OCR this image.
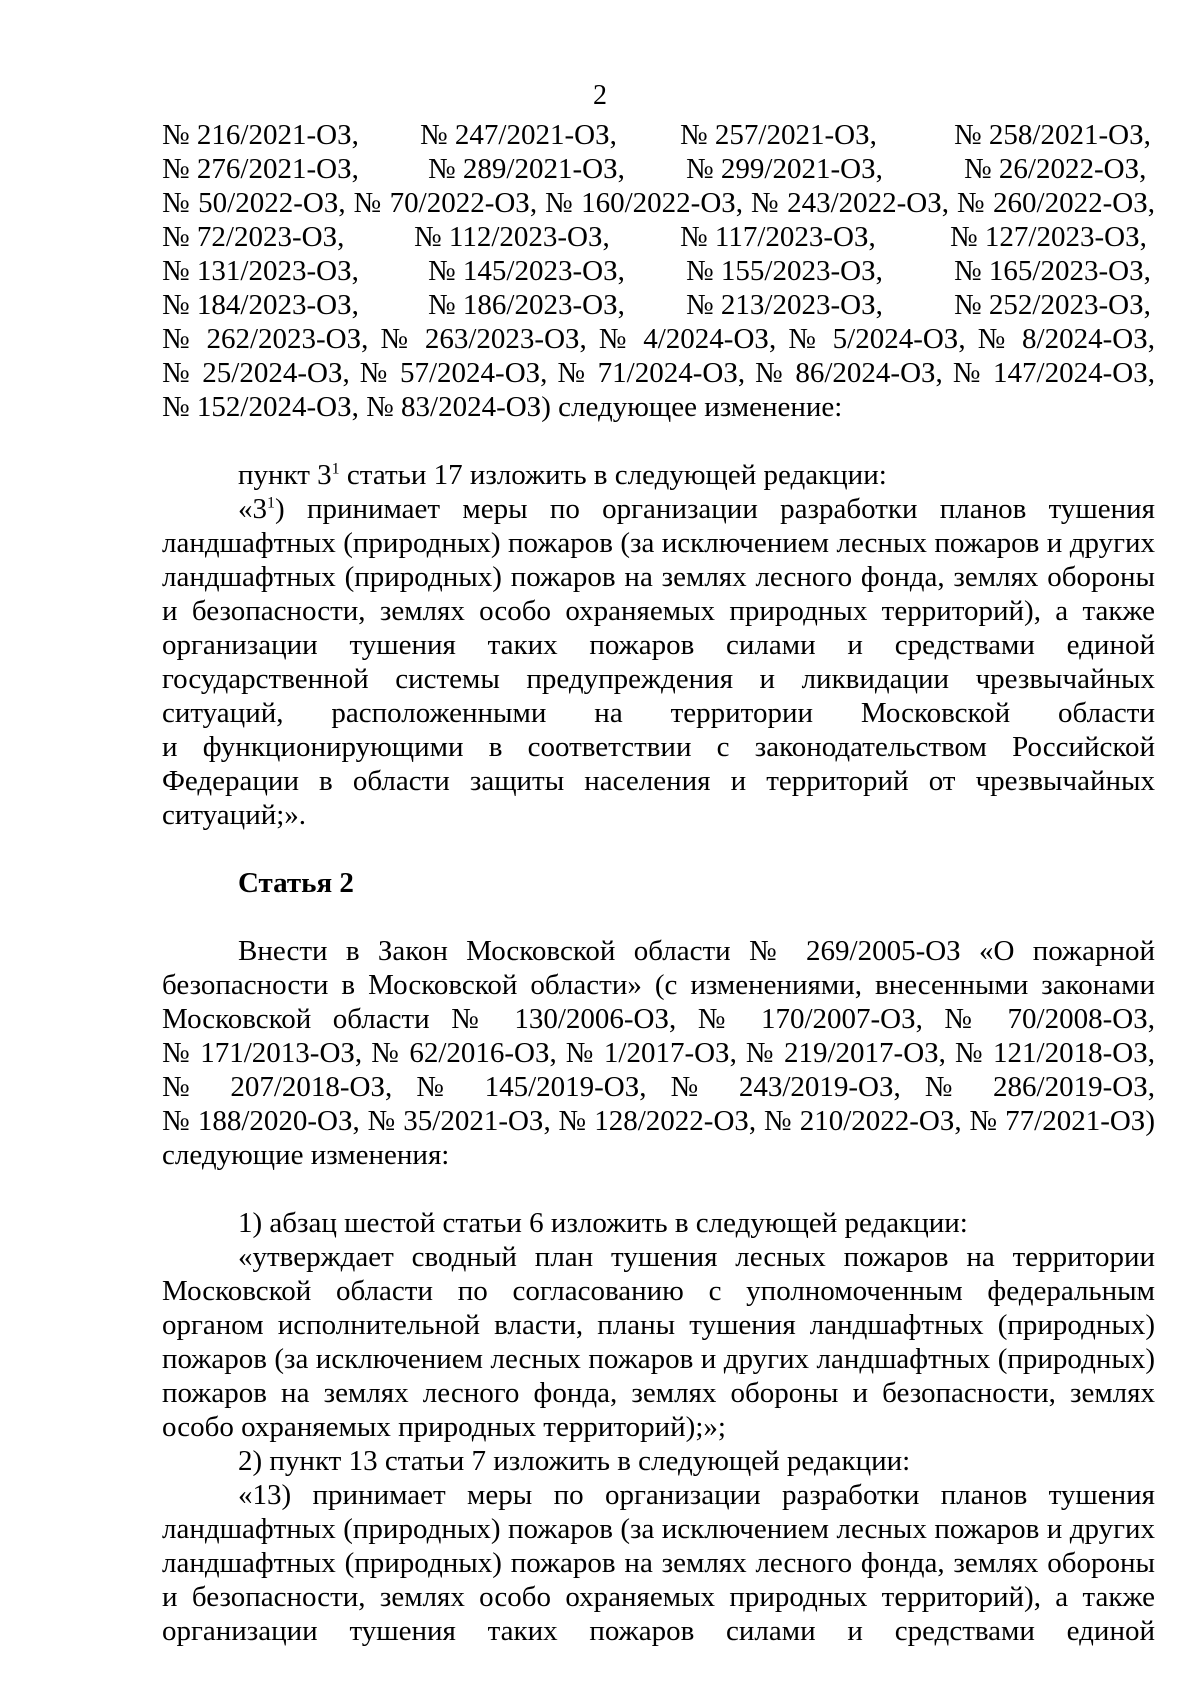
2

№ 216/2021-ОЗ,

№ 247/2021-ОЗ,

№ 257/2021-ОЗ,

	№ 258/2021-ОЗ,

№ 276/2021-ОЗ,

№ 289/2021-ОЗ,

№ 299/2021-ОЗ,

	№ 26/2022-ОЗ,

№ 50/2022-ОЗ, № 70/2022-ОЗ, № 160/2022-ОЗ, № 243/2022-ОЗ, № 260/2022-ОЗ,

№ 72/2023-ОЗ,

№ 112/2023-ОЗ,

№ 117/2023-ОЗ,

	№ 127/2023-ОЗ,

№ 131/2023-ОЗ,

№ 145/2023-ОЗ,

№ 155/2023-ОЗ,

№ 165/2023-ОЗ,

№ 184/2023-ОЗ,

№ 186/2023-ОЗ,

№ 213/2023-ОЗ,

№ 252/2023-ОЗ,

№ 262/2023-ОЗ, № 263/2023-ОЗ, № 4/2024-ОЗ, № 5/2024-ОЗ, № 8/2024-ОЗ,
№ 25/2024-ОЗ, № 57/2024-ОЗ, № 71/2024-ОЗ, № 86/2024-ОЗ, № 147/2024-ОЗ,

№ 152/2024-ОЗ, № 83/2024-ОЗ) следующее изменение:

пункт $3^1$ статьи 17 изложить в следующей редакции:

«$3^1$) принимает меры по организации разработки планов тушения
ландшафтных (природных) пожаров (за исключением лесных пожаров и других
ландшафтных (природных) пожаров на землях лесного фонда, землях обороны
и безопасности, землях особо охраняемых природных территорий), а также
организации тушения таких пожаров силами и средствами единой
государственной системы предупреждения и ликвидации чрезвычайных
ситуаций, расположенными на территории Московской области
и функционирующими в соответствии с законодательством Российской
Федерации в области защиты населения и территорий от чрезвычайных

ситуаций;».

Статья 2

Внести в Закон Московской области № 269/2005-ОЗ «О пожарной
безопасности в Московской области» (с изменениями, внесенными законами
Московской области № 130/2006-ОЗ, № 170/2007-ОЗ, № 70/2008-ОЗ,
№ 171/2013-ОЗ, № 62/2016-ОЗ, № 1/2017-ОЗ, № 219/2017-ОЗ, № 121/2018-ОЗ,
№ 207/2018-ОЗ, № 145/2019-ОЗ, № 243/2019-ОЗ, № 286/2019-ОЗ,
№ 188/2020-ОЗ, № 35/2021-ОЗ, № 128/2022-ОЗ, № 210/2022-ОЗ, № 77/2021-ОЗ)

следующие изменения:

1) абзац шестой статьи 6 изложить в следующей редакции:

«утверждает сводный план тушения лесных пожаров на территории
Московской области по согласованию с уполномоченным федеральным
органом исполнительной власти, планы тушения ландшафтных (природных)
пожаров (за исключением лесных пожаров и других ландшафтных (природных)
пожаров на землях лесного фонда, землях обороны и безопасности, землях

особо охраняемых природных территорий);»;

2) пункт 13 статьи 7 изложить в следующей редакции:

«13) принимает меры по организации разработки планов тушения
ландшафтных (природных) пожаров (за исключением лесных пожаров и других
ландшафтных (природных) пожаров на землях лесного фонда, землях обороны
и безопасности, землях особо охраняемых природных территорий), а также
организации тушения таких пожаров силами и средствами единой
